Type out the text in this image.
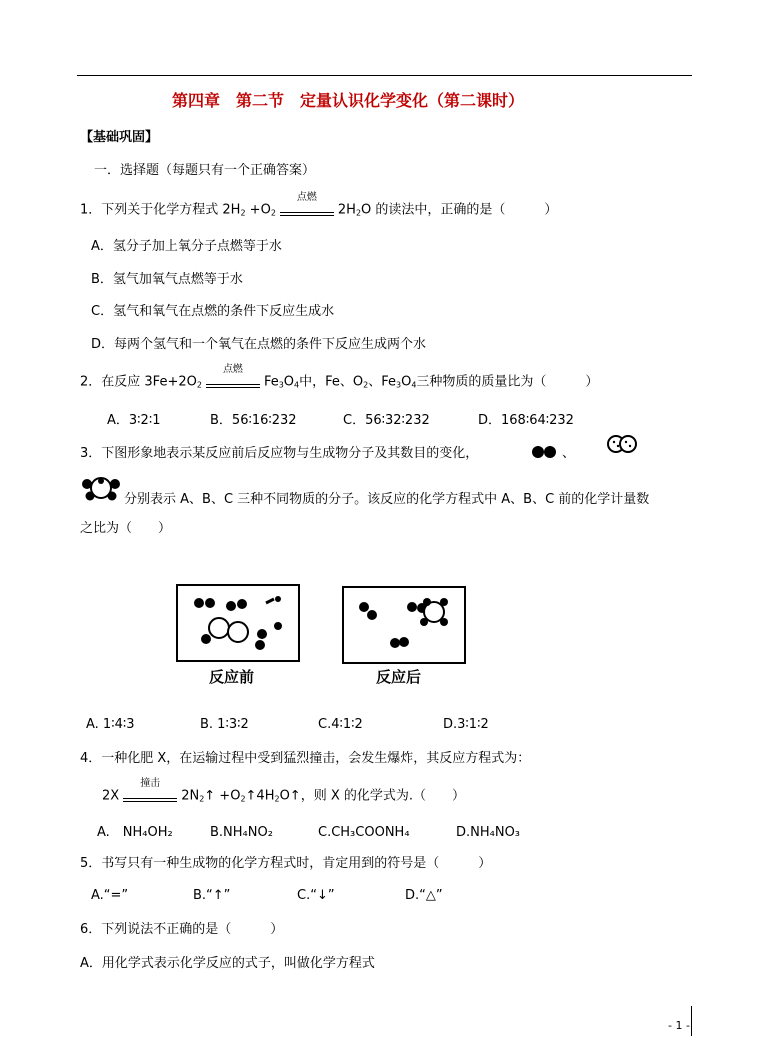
第四章　第二节　定量认识化学变化（第二课时）
【基础巩固】
一．选择题（每题只有一个正确答案）
1．下列关于化学方程式 $2H_2 +O_2$
点燃
$2H_2O$ 的读法中，正确的是（　　　）
A．氢分子加上氧分子点燃等于水
B．氢气加氧气点燃等于水
C．氢气和氧气在点燃的条件下反应生成水
D．每两个氢气和一个氧气在点燃的条件下反应生成两个水
2．在反应 $3Fe+2O_2$
点燃
$Fe_3O_4$中，Fe、$O_2$、$Fe_3O_4$三种物质的质量比为（　　　）
A．3∶2∶1	B．56∶16∶232	C．56∶32∶232	D．168∶64∶232
3．下图形象地表示某反应前后反应物与生成物分子及其数目的变化，	、
分别表示 A、B、C 三种不同物质的分子。该反应的化学方程式中 A、B、C 前的化学计量数
之比为（　　）
反应前	反应后
A. 1∶4∶3	B. 1∶3∶2	C.4∶1∶2	D.3∶1∶2
4．一种化肥 X，在运输过程中受到猛烈撞击，会发生爆炸，其反应方程式为：
2X
撞击
$2N_2↑$ $+O_2↑4H_2O↑$，则 X 的化学式为.（　　）
A.　NH₄OH₂	B.NH₄NO₂	C.CH₃COONH₄	D.NH₄NO₃
5．书写只有一种生成物的化学方程式时，肯定用到的符号是（　　　）
A.“=”	B.“↑”	C.“↓”	D.“△”
6．下列说法不正确的是（　　　）
A．用化学式表示化学反应的式子，叫做化学方程式
- 1 -
